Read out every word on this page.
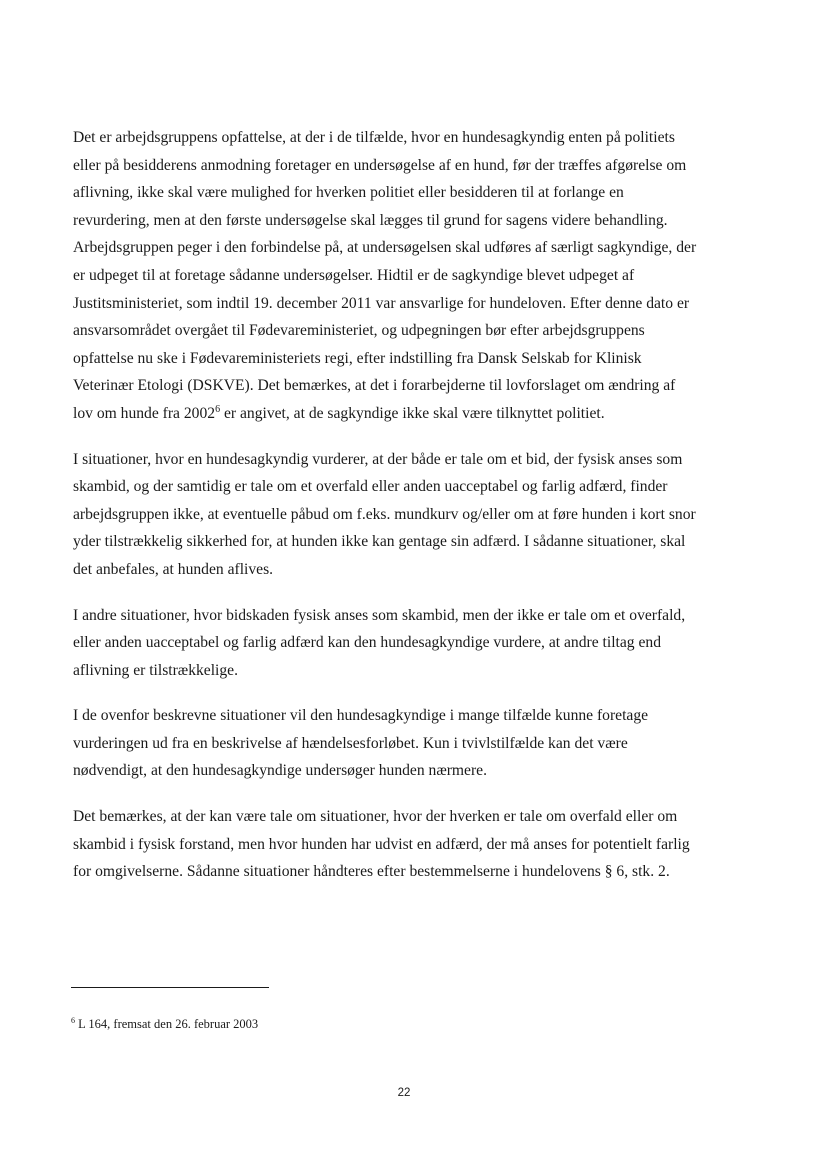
Det er arbejdsgruppens opfattelse, at der i de tilfælde, hvor en hundesagkyndig enten på politiets
eller på besidderens anmodning foretager en undersøgelse af en hund, før der træffes afgørelse om
aflivning, ikke skal være mulighed for hverken politiet eller besidderen til at forlange en
revurdering, men at den første undersøgelse skal lægges til grund for sagens videre behandling.
Arbejdsgruppen peger i den forbindelse på, at undersøgelsen skal udføres af særligt sagkyndige, der
er udpeget til at foretage sådanne undersøgelser. Hidtil er de sagkyndige blevet udpeget af
Justitsministeriet, som indtil 19. december 2011 var ansvarlige for hundeloven. Efter denne dato er
ansvarsområdet overgået til Fødevareministeriet, og udpegningen bør efter arbejdsgruppens
opfattelse nu ske i Fødevareministeriets regi, efter indstilling fra Dansk Selskab for Klinisk
Veterinær Etologi (DSKVE). Det bemærkes, at det i forarbejderne til lovforslaget om ændring af
lov om hunde fra 2002$^6$ er angivet, at de sagkyndige ikke skal være tilknyttet politiet.

I situationer, hvor en hundesagkyndig vurderer, at der både er tale om et bid, der fysisk anses som
skambid, og der samtidig er tale om et overfald eller anden uacceptabel og farlig adfærd, finder
arbejdsgruppen ikke, at eventuelle påbud om f.eks. mundkurv og/eller om at føre hunden i kort snor
yder tilstrækkelig sikkerhed for, at hunden ikke kan gentage sin adfærd. I sådanne situationer, skal
det anbefales, at hunden aflives.

I andre situationer, hvor bidskaden fysisk anses som skambid, men der ikke er tale om et overfald,
eller anden uacceptabel og farlig adfærd kan den hundesagkyndige vurdere, at andre tiltag end
aflivning er tilstrækkelige.

I de ovenfor beskrevne situationer vil den hundesagkyndige i mange tilfælde kunne foretage
vurderingen ud fra en beskrivelse af hændelsesforløbet. Kun i tvivlstilfælde kan det være
nødvendigt, at den hundesagkyndige undersøger hunden nærmere.

Det bemærkes, at der kan være tale om situationer, hvor der hverken er tale om overfald eller om
skambid i fysisk forstand, men hvor hunden har udvist en adfærd, der må anses for potentielt farlig
for omgivelserne. Sådanne situationer håndteres efter bestemmelserne i hundelovens § 6, stk. 2.

$^6$ L 164, fremsat den 26. februar 2003
22
